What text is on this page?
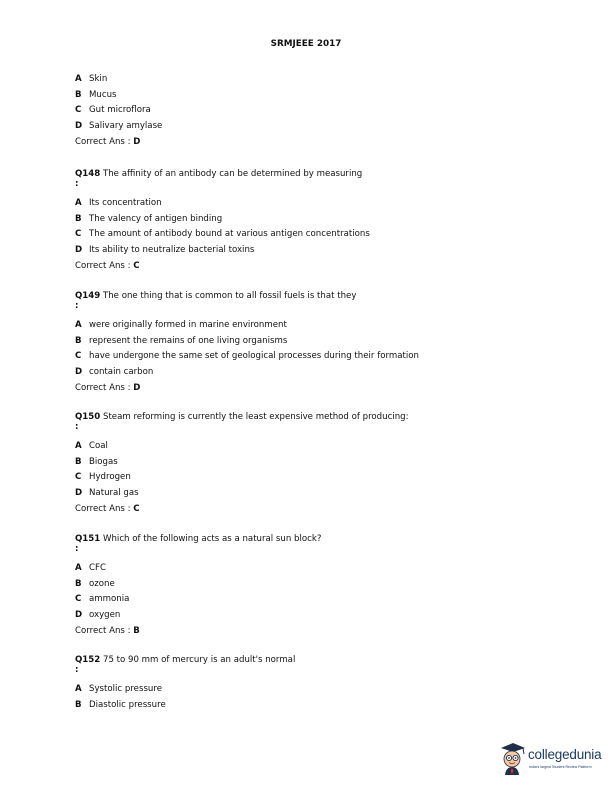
SRMJEEE 2017
A Skin
B Mucus
C Gut microflora
D Salivary amylase
Correct Ans : D
Q148 The affinity of an antibody can be determined by measuring
:
A Its concentration
B The valency of antigen binding
C The amount of antibody bound at various antigen concentrations
D Its ability to neutralize bacterial toxins
Correct Ans : C
Q149 The one thing that is common to all fossil fuels is that they
:
A were originally formed in marine environment
B represent the remains of one living organisms
C have undergone the same set of geological processes during their formation
D contain carbon
Correct Ans : D
Q150 Steam reforming is currently the least expensive method of producing:
:
A Coal
B Biogas
C Hydrogen
D Natural gas
Correct Ans : C
Q151 Which of the following acts as a natural sun block?
:
A CFC
B ozone
C ammonia
D oxygen
Correct Ans : B
Q152 75 to 90 mm of mercury is an adult's normal
:
A Systolic pressure
B Diastolic pressure
collegedunia
India's largest Student Review Platform
